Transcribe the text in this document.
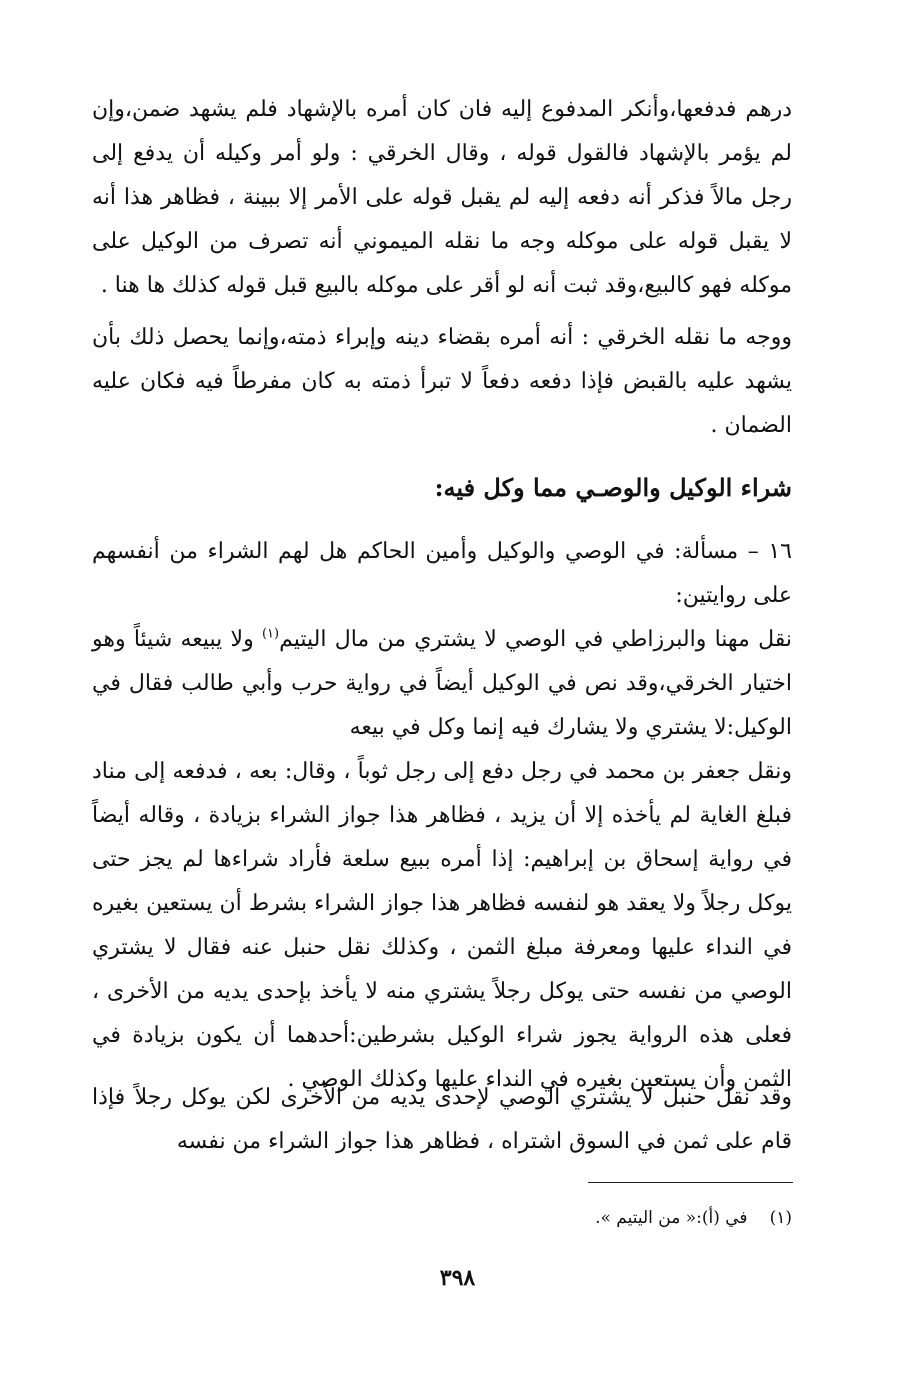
درهم فدفعها،وأنكر المدفوع إليه فان كان أمره بالإشهاد فلم يشهد ضمن،وإن لم يؤمر بالإشهاد فالقول قوله ، وقال الخرقي : ولو أمر وكيله أن يدفع إلى رجل مالاً فذكر أنه دفعه إليه لم يقبل قوله على الأمر إلا ببينة ، فظاهر هذا أنه لا يقبل قوله على موكله وجه ما نقله الميموني أنه تصرف من الوكيل على موكله فهو كالبيع،وقد ثبت أنه لو أقر على موكله بالبيع قبل قوله كذلك ها هنا .
ووجه ما نقله الخرقي : أنه أمره بقضاء دينه وإبراء ذمته،وإنما يحصل ذلك بأن يشهد عليه بالقبض فإذا دفعه دفعاً لا تبرأ ذمته به كان مفرطاً فيه فكان عليه الضمان .
شراء الوكيل والوصـي مما وكل فيه:
١٦ – مسألة: في الوصي والوكيل وأمين الحاكم هل لهم الشراء من أنفسهم على روايتين:
نقل مهنا والبرزاطي في الوصي لا يشتري من مال اليتيم$^{(١)}$ ولا يبيعه شيئاً وهو اختيار الخرقي،وقد نص في الوكيل أيضاً في رواية حرب وأبي طالب فقال في الوكيل:لا يشتري ولا يشارك فيه إنما وكل في بيعه
ونقل جعفر بن محمد في رجل دفع إلى رجل ثوباً ، وقال: بعه ، فدفعه إلى مناد فبلغ الغاية لم يأخذه إلا أن يزيد ، فظاهر هذا جواز الشراء بزيادة ، وقاله أيضاً في رواية إسحاق بن إبراهيم: إذا أمره ببيع سلعة فأراد شراءها لم يجز حتى يوكل رجلاً ولا يعقد هو لنفسه فظاهر هذا جواز الشراء بشرط أن يستعين بغيره في النداء عليها ومعرفة مبلغ الثمن ، وكذلك نقل حنبل عنه فقال لا يشتري الوصي من نفسه حتى يوكل رجلاً يشتري منه لا يأخذ بإحدى يديه من الأخرى ، فعلى هذه الرواية يجوز شراء الوكيل بشرطين:أحدهما أن يكون بزيادة في الثمن وأن يستعين بغيره في النداء عليها وكذلك الوصي .
وقد نقل حنبل لا يشتري الوصي لإحدى يديه من الأخرى لكن يوكل رجلاً فإذا قام على ثمن في السوق اشتراه ، فظاهر هذا جواز الشراء من نفسه
(١)في (أ):« من اليتيم ».
٣٩٨
